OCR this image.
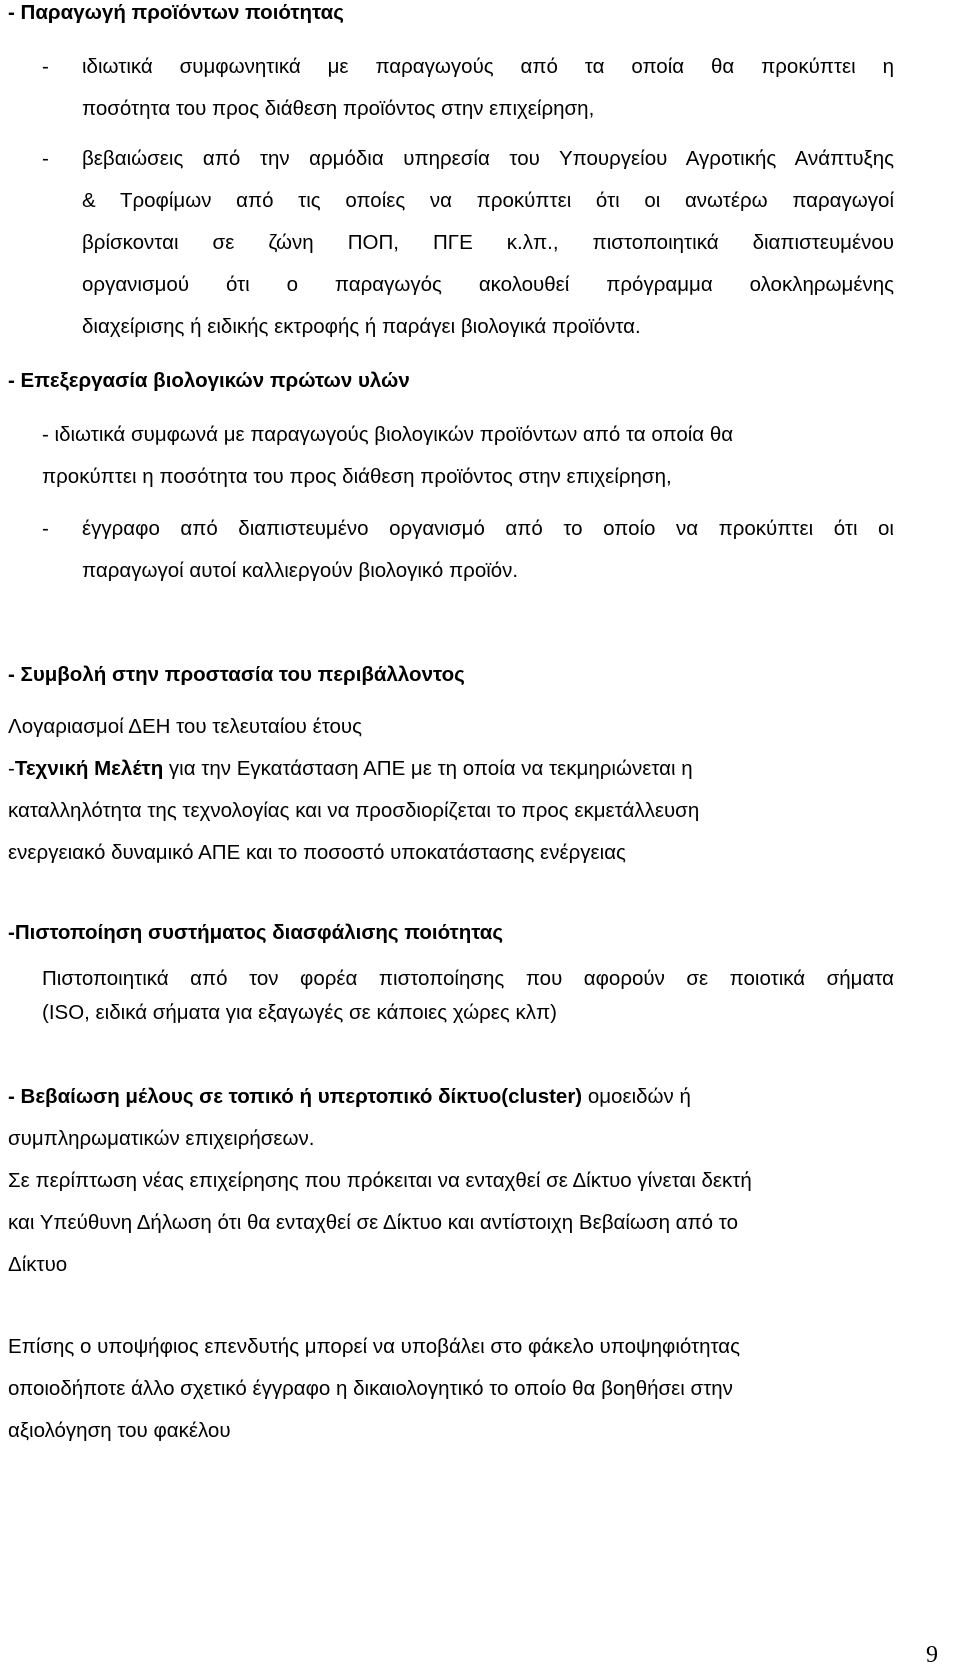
- Παραγωγή προϊόντων ποιότητας
- ιδιωτικά συμφωνητικά με παραγωγούς από τα οποία θα προκύπτει η
ποσότητα του προς διάθεση προϊόντος στην επιχείρηση,
- βεβαιώσεις από την αρμόδια υπηρεσία του Υπουργείου Αγροτικής Ανάπτυξης
& Τροφίμων από τις οποίες να προκύπτει ότι οι ανωτέρω παραγωγοί
βρίσκονται σε ζώνη ΠΟΠ, ΠΓΕ κ.λπ., πιστοποιητικά διαπιστευμένου
οργανισμού ότι ο παραγωγός ακολουθεί πρόγραμμα ολοκληρωμένης
διαχείρισης ή ειδικής εκτροφής ή παράγει βιολογικά προϊόντα.
- Επεξεργασία βιολογικών πρώτων υλών
- ιδιωτικά συμφωνά με παραγωγούς βιολογικών προϊόντων από τα οποία θα
προκύπτει η ποσότητα του προς διάθεση προϊόντος στην επιχείρηση,
- έγγραφο από διαπιστευμένο οργανισμό από το οποίο να προκύπτει ότι οι
παραγωγοί αυτοί καλλιεργούν βιολογικό προϊόν.
- Συμβολή στην προστασία του περιβάλλοντος
Λογαριασμοί ΔΕΗ του τελευταίου έτους
-Τεχνική Μελέτη για την Εγκατάσταση ΑΠΕ με τη οποία να τεκμηριώνεται η
καταλληλότητα της τεχνολογίας και να προσδιορίζεται το προς εκμετάλλευση
ενεργειακό δυναμικό ΑΠΕ και το ποσοστό υποκατάστασης ενέργειας
-Πιστοποίηση συστήματος διασφάλισης ποιότητας
Πιστοποιητικά από τον φορέα πιστοποίησης που αφορούν σε ποιοτικά σήματα
(ISO, ειδικά σήματα για εξαγωγές σε κάποιες χώρες κλπ)
- Βεβαίωση μέλους σε τοπικό ή υπερτοπικό δίκτυο(cluster) ομοειδών ή
συμπληρωματικών επιχειρήσεων.
Σε περίπτωση νέας επιχείρησης που πρόκειται να ενταχθεί σε Δίκτυο γίνεται δεκτή
και Υπεύθυνη Δήλωση ότι θα ενταχθεί σε Δίκτυο και αντίστοιχη Βεβαίωση από το
Δίκτυο
Επίσης ο υποψήφιος επενδυτής μπορεί να υποβάλει στο φάκελο υποψηφιότητας
οποιοδήποτε άλλο σχετικό έγγραφο η δικαιολογητικό το οποίο θα βοηθήσει στην
αξιολόγηση του φακέλου
9
